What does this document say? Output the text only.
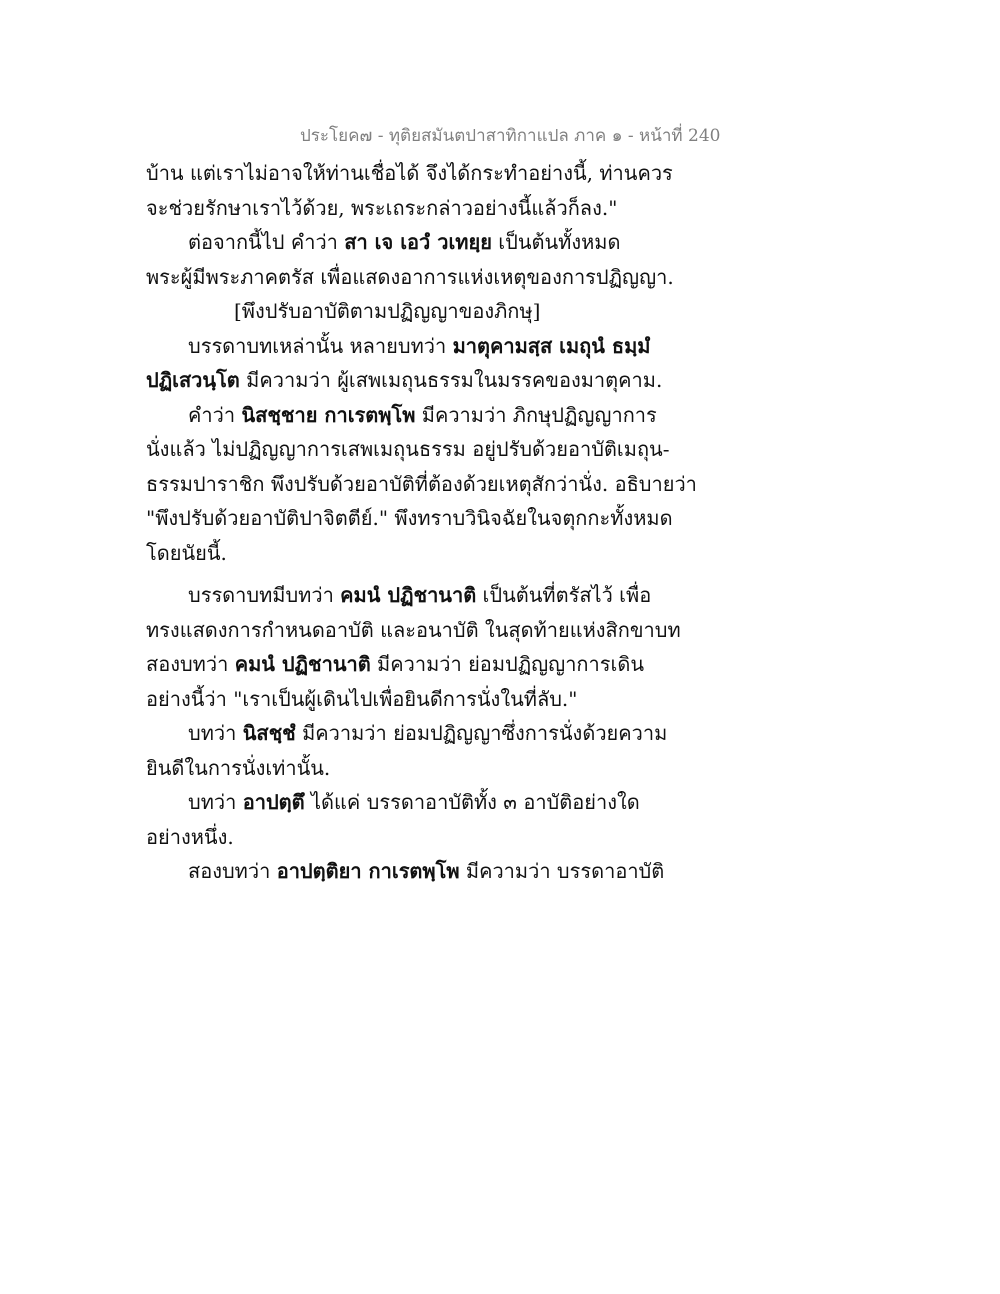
ประโยค๗ - ทุติยสมันตปาสาทิกาแปล ภาค ๑ - หน้าที่ 240
บ้าน แต่เราไม่อาจให้ท่านเชื่อได้ จึงได้กระทำอย่างนี้, ท่านควร
จะช่วยรักษาเราไว้ด้วย, พระเถระกล่าวอย่างนี้แล้วก็ลง."
ต่อจากนี้ไป คำว่า สา เจ เอวํ วเทยฺย เป็นต้นทั้งหมด
พระผู้มีพระภาคตรัส เพื่อแสดงอาการแห่งเหตุของการปฏิญญา.
[พึงปรับอาบัติตามปฏิญญาของภิกษุ]
บรรดาบทเหล่านั้น หลายบทว่า มาตุคามสฺส เมถุนํ ธมฺมํ
ปฏิเสวนฺโต มีความว่า ผู้เสพเมถุนธรรมในมรรคของมาตุคาม.
คำว่า นิสชฺชาย กาเรตพฺโพ มีความว่า ภิกษุปฏิญญาการ
นั่งแล้ว ไม่ปฏิญญาการเสพเมถุนธรรม อยู่ปรับด้วยอาบัติเมถุน-
ธรรมปาราชิก พึงปรับด้วยอาบัติที่ต้องด้วยเหตุสักว่านั่ง. อธิบายว่า
"พึงปรับด้วยอาบัติปาจิตตีย์." พึงทราบวินิจฉัยในจตุกกะทั้งหมด
โดยนัยนี้.
บรรดาบทมีบทว่า คมนํ ปฏิชานาติ เป็นต้นที่ตรัสไว้ เพื่อ
ทรงแสดงการกำหนดอาบัติ และอนาบัติ ในสุดท้ายแห่งสิกขาบท
สองบทว่า คมนํ ปฏิชานาติ มีความว่า ย่อมปฏิญญาการเดิน
อย่างนี้ว่า "เราเป็นผู้เดินไปเพื่อยินดีการนั่งในที่ลับ."
บทว่า นิสชฺชํ มีความว่า ย่อมปฏิญญาซึ่งการนั่งด้วยความ
ยินดีในการนั่งเท่านั้น.
บทว่า อาปตฺตึ ได้แค่ บรรดาอาบัติทั้ง ๓ อาบัติอย่างใด
อย่างหนึ่ง.
สองบทว่า อาปตฺติยา กาเรตพฺโพ มีความว่า บรรดาอาบัติ
